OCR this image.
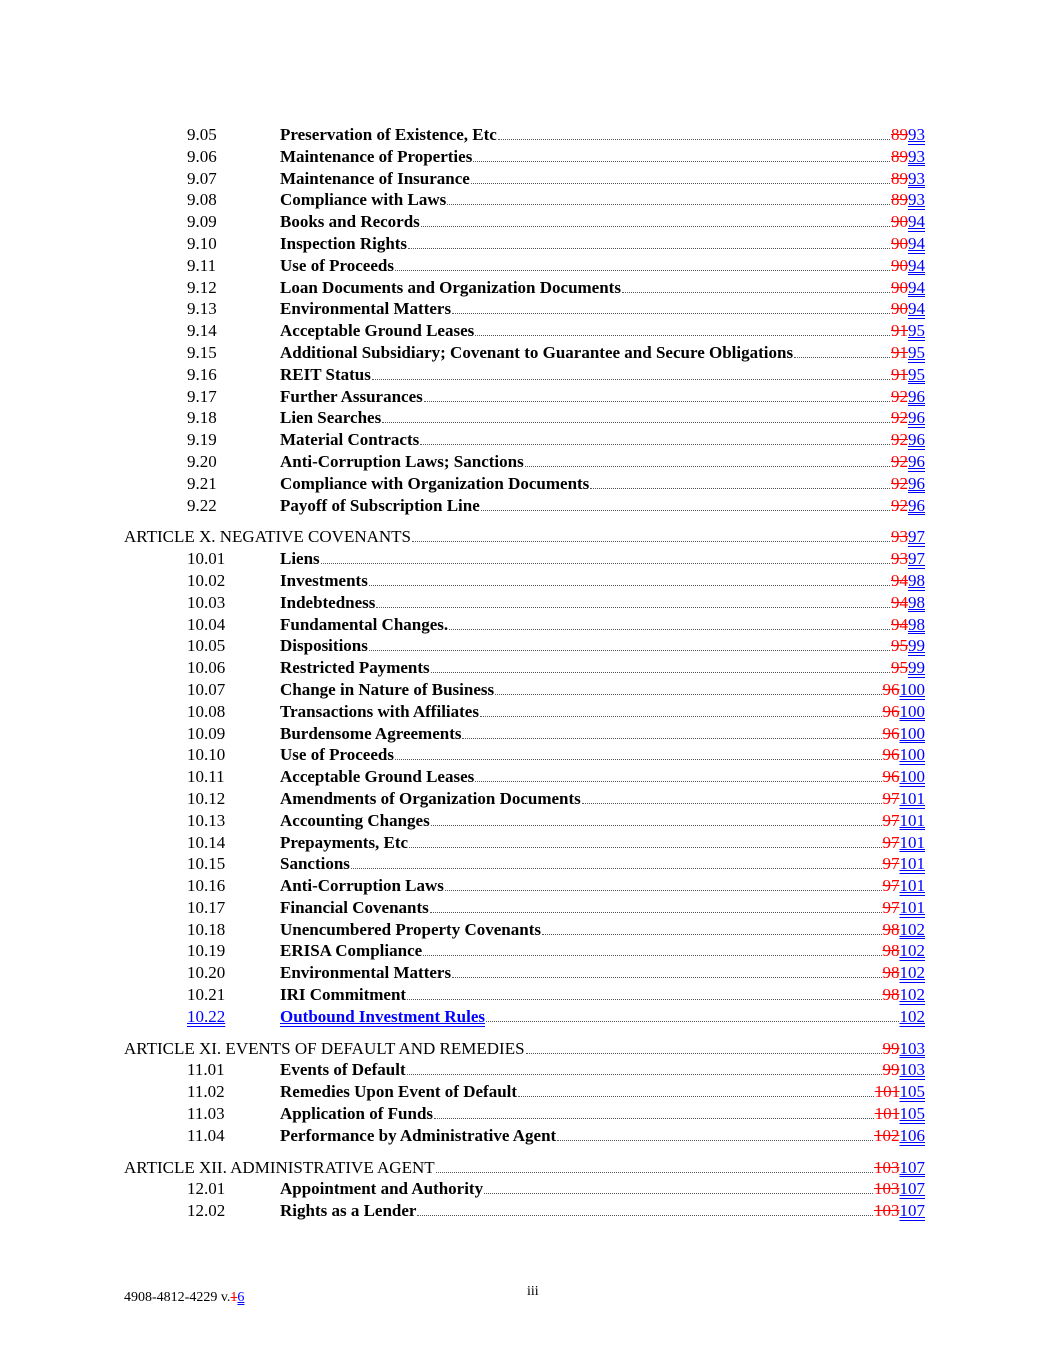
9.05	Preservation of Existence, Etc	8993
9.06	Maintenance of Properties	8993
9.07	Maintenance of Insurance	8993
9.08	Compliance with Laws	8993
9.09	Books and Records	9094
9.10	Inspection Rights	9094
9.11	Use of Proceeds	9094
9.12	Loan Documents and Organization Documents	9094
9.13	Environmental Matters	9094
9.14	Acceptable Ground Leases	9195
9.15	Additional Subsidiary; Covenant to Guarantee and Secure Obligations	9195
9.16	REIT Status	9195
9.17	Further Assurances	9296
9.18	Lien Searches	9296
9.19	Material Contracts	9296
9.20	Anti-Corruption Laws; Sanctions	9296
9.21	Compliance with Organization Documents	9296
9.22	Payoff of Subscription Line	9296
ARTICLE X. NEGATIVE COVENANTS	9397
10.01	Liens	9397
10.02	Investments	9498
10.03	Indebtedness	9498
10.04	Fundamental Changes.	9498
10.05	Dispositions	9599
10.06	Restricted Payments	9599
10.07	Change in Nature of Business	96100
10.08	Transactions with Affiliates	96100
10.09	Burdensome Agreements	96100
10.10	Use of Proceeds	96100
10.11	Acceptable Ground Leases	96100
10.12	Amendments of Organization Documents	97101
10.13	Accounting Changes	97101
10.14	Prepayments, Etc	97101
10.15	Sanctions	97101
10.16	Anti-Corruption Laws	97101
10.17	Financial Covenants	97101
10.18	Unencumbered Property Covenants	98102
10.19	ERISA Compliance	98102
10.20	Environmental Matters	98102
10.21	IRI Commitment	98102
10.22	Outbound Investment Rules	102
ARTICLE XI. EVENTS OF DEFAULT AND REMEDIES	99103
11.01	Events of Default	99103
11.02	Remedies Upon Event of Default	101105
11.03	Application of Funds	101105
11.04	Performance by Administrative Agent	102106
ARTICLE XII. ADMINISTRATIVE AGENT	103107
12.01	Appointment and Authority	103107
12.02	Rights as a Lender	103107
4908-4812-4229 v.16	iii
